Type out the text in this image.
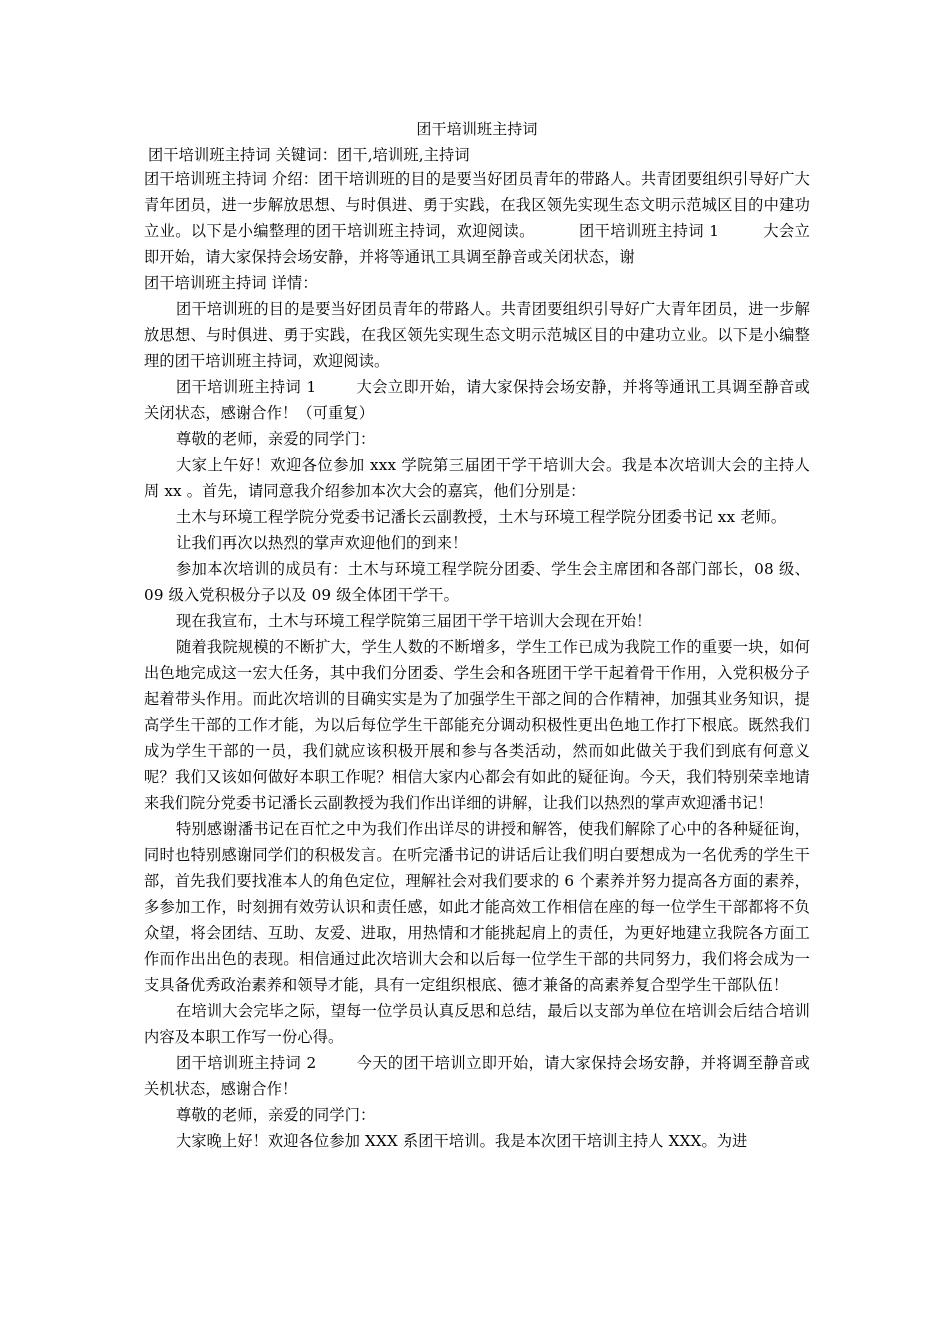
团干培训班主持词

团干培训班主持词 关键词：团干,培训班,主持词

团干培训班主持词 介绍：团干培训班的目的是要当好团员青年的带路人。共青团要组织引导好广大青年团员，进一步解放思想、与时俱进、勇于实践，在我区领先实现生态文明示范城区目的中建功立业。以下是小编整理的团干培训班主持词，欢迎阅读。	团干培训班主持词 1	大会立即开始，请大家保持会场安静，并将等通讯工具调至静音或关闭状态，谢

团干培训班主持词 详情：

团干培训班的目的是要当好团员青年的带路人。共青团要组织引导好广大青年团员，进一步解放思想、与时俱进、勇于实践，在我区领先实现生态文明示范城区目的中建功立业。以下是小编整理的团干培训班主持词，欢迎阅读。

团干培训班主持词 1	大会立即开始，请大家保持会场安静，并将等通讯工具调至静音或关闭状态，感谢合作！（可重复）

尊敬的老师，亲爱的同学门：

大家上午好！欢迎各位参加 xxx 学院第三届团干学干培训大会。我是本次培训大会的主持人周 xx 。首先，请同意我介绍参加本次大会的嘉宾，他们分别是：

土木与环境工程学院分党委书记潘长云副教授，土木与环境工程学院分团委书记 xx 老师。

让我们再次以热烈的掌声欢迎他们的到来！

参加本次培训的成员有：土木与环境工程学院分团委、学生会主席团和各部门部长，08 级、09 级入党积极分子以及 09 级全体团干学干。

现在我宣布，土木与环境工程学院第三届团干学干培训大会现在开始！

随着我院规模的不断扩大，学生人数的不断增多，学生工作已成为我院工作的重要一块，如何出色地完成这一宏大任务，其中我们分团委、学生会和各班团干学干起着骨干作用，入党积极分子起着带头作用。而此次培训的目确实实是为了加强学生干部之间的合作精神，加强其业务知识，提高学生干部的工作才能，为以后每位学生干部能充分调动积极性更出色地工作打下根底。既然我们成为学生干部的一员，我们就应该积极开展和参与各类活动，然而如此做关于我们到底有何意义呢？我们又该如何做好本职工作呢？相信大家内心都会有如此的疑征询。今天，我们特别荣幸地请来我们院分党委书记潘长云副教授为我们作出详细的讲解，让我们以热烈的掌声欢迎潘书记！

特别感谢潘书记在百忙之中为我们作出详尽的讲授和解答，使我们解除了心中的各种疑征询，同时也特别感谢同学们的积极发言。在听完潘书记的讲话后让我们明白要想成为一名优秀的学生干部，首先我们要找准本人的角色定位，理解社会对我们要求的 6 个素养并努力提高各方面的素养，多参加工作，时刻拥有效劳认识和责任感，如此才能高效工作相信在座的每一位学生干部都将不负众望，将会团结、互助、友爱、进取，用热情和才能挑起肩上的责任，为更好地建立我院各方面工作而作出出色的表现。相信通过此次培训大会和以后每一位学生干部的共同努力，我们将会成为一支具备优秀政治素养和领导才能，具有一定组织根底、德才兼备的高素养复合型学生干部队伍！

在培训大会完毕之际，望每一位学员认真反思和总结，最后以支部为单位在培训会后结合培训内容及本职工作写一份心得。

团干培训班主持词 2	今天的团干培训立即开始，请大家保持会场安静，并将调至静音或关机状态，感谢合作！

尊敬的老师，亲爱的同学门：

大家晚上好！欢迎各位参加 XXX 系团干培训。我是本次团干培训主持人 XXX。为进
